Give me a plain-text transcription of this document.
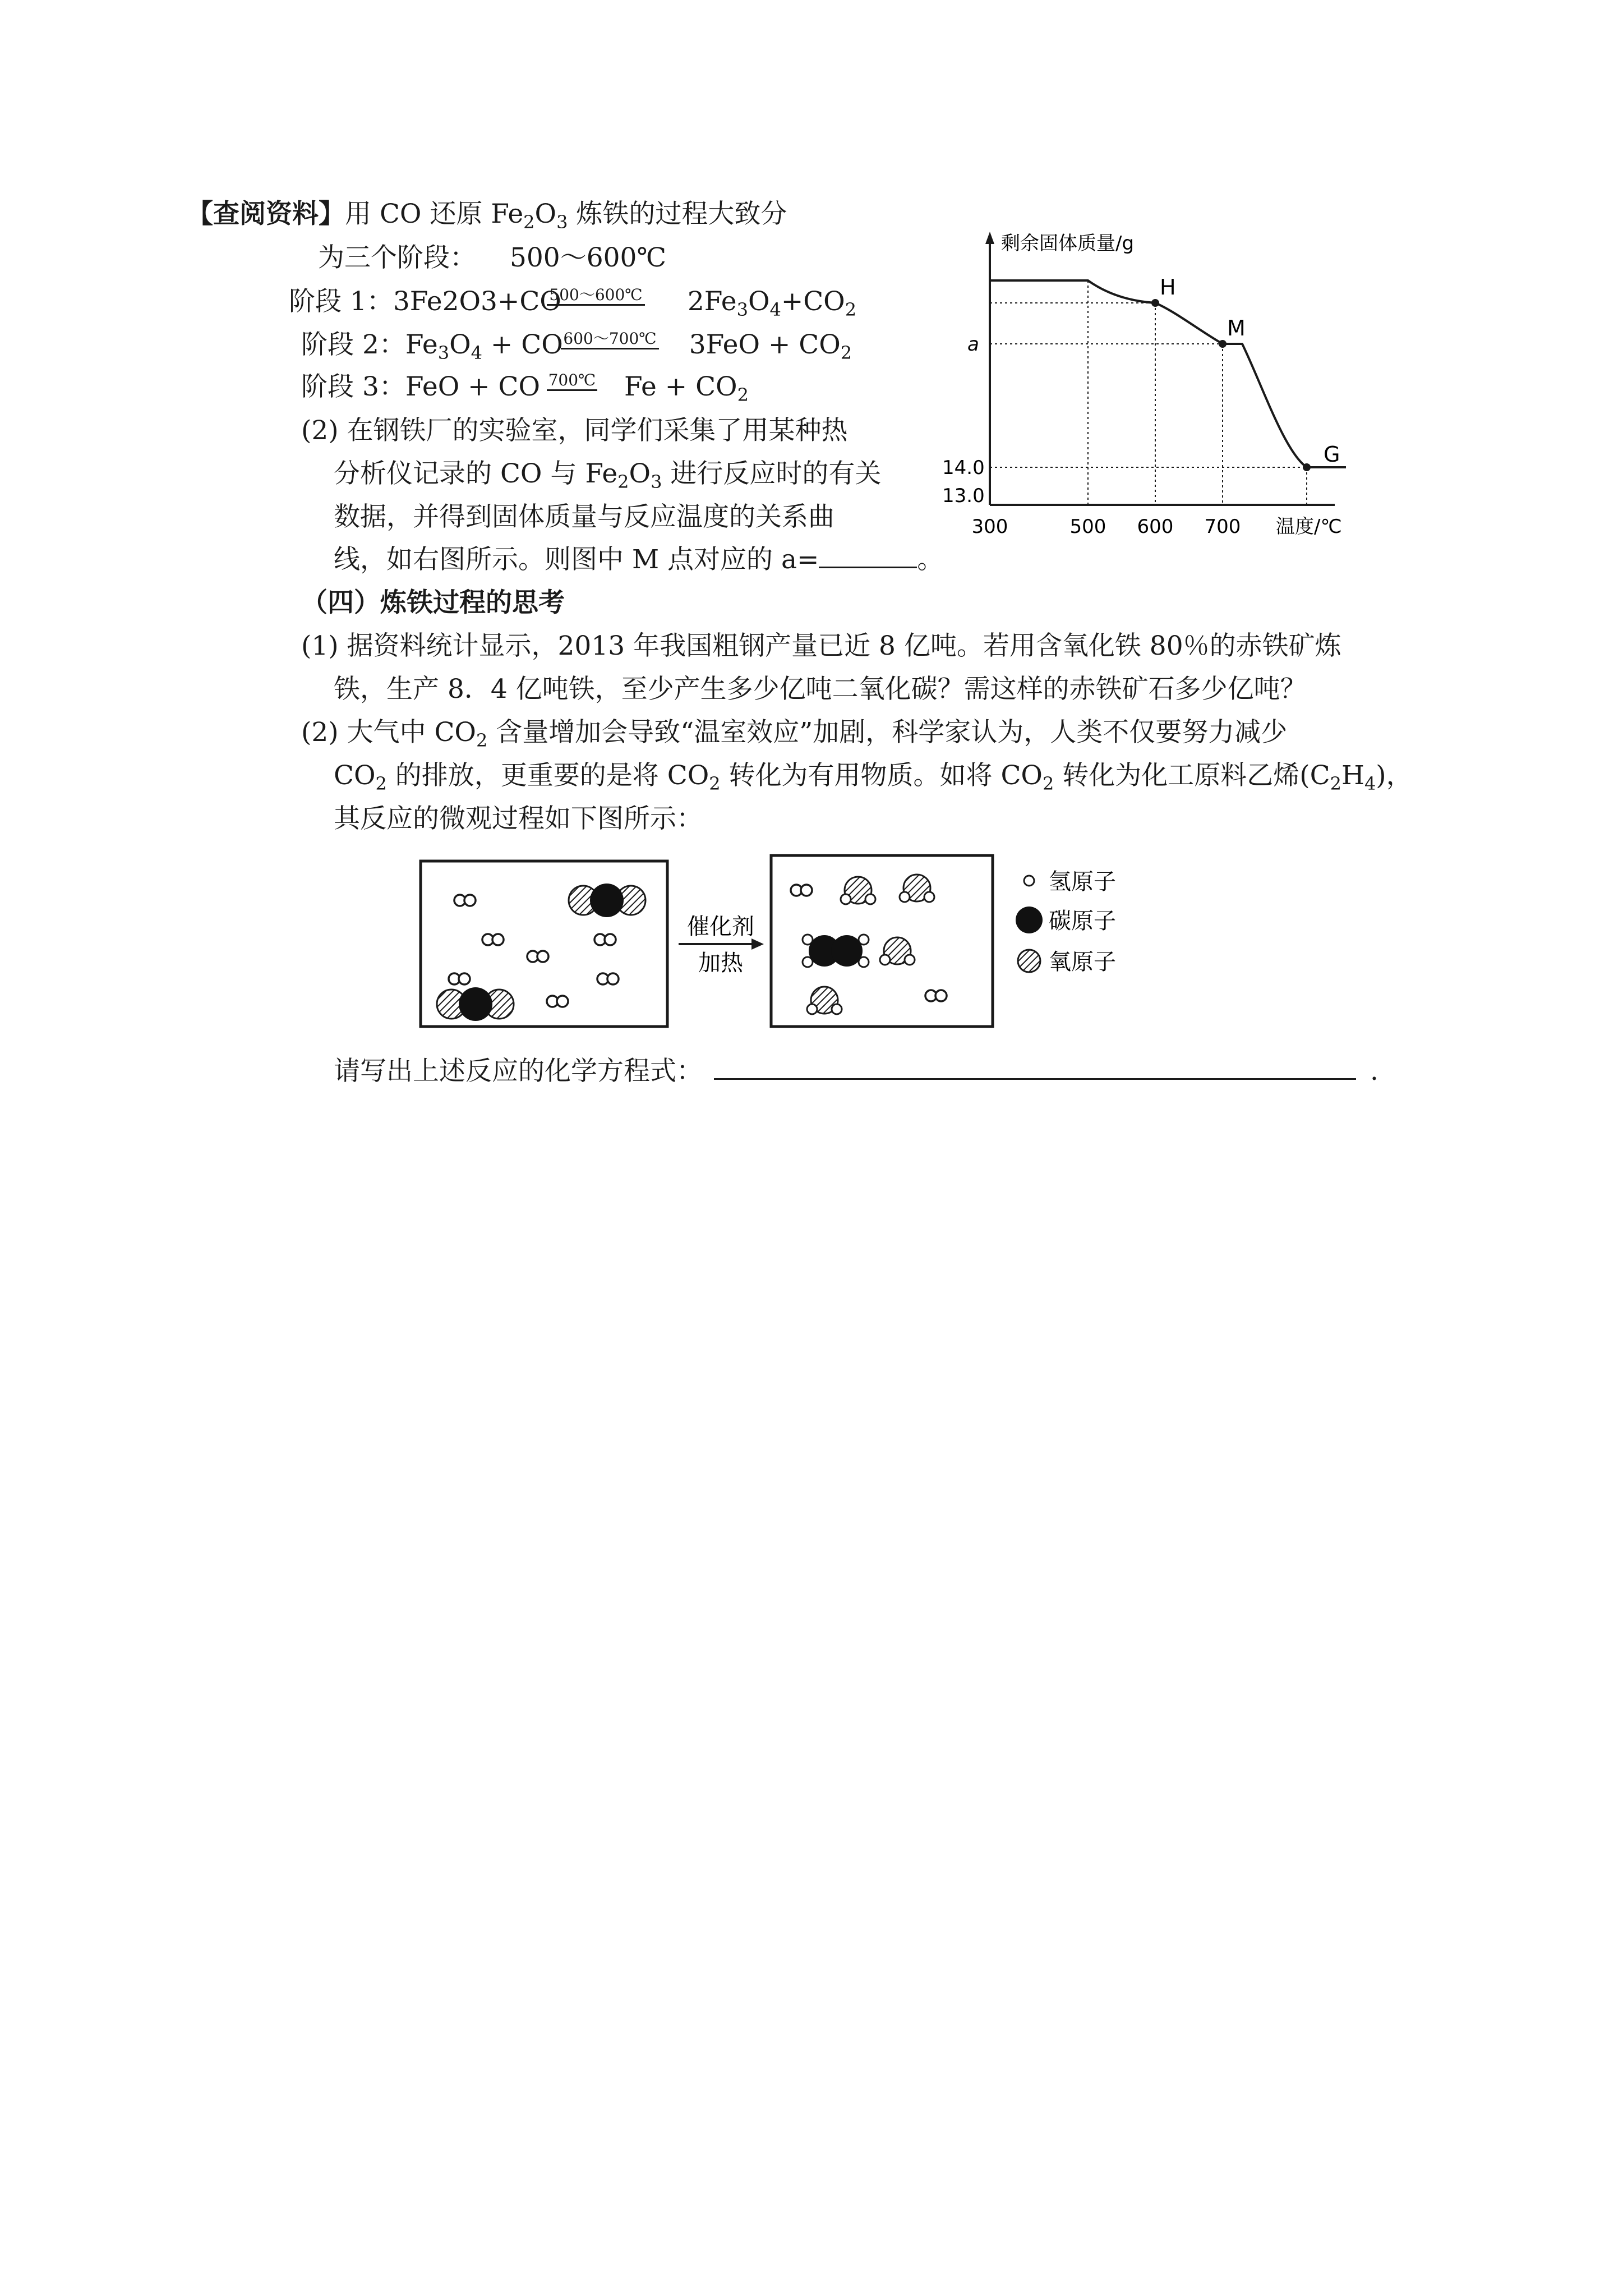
【查阅资料】用 CO 还原 $Fe_2O_3$ 炼铁的过程大致分
为三个阶段： 500～600℃
阶段 1：3Fe2O3+CO	$2Fe_3O_4+CO_2$
500～600℃
阶段 2：$Fe_3O_4$ + CO	$3FeO + CO_2$
600～700℃
阶段 3：FeO + CO	$Fe + CO_2$
700℃
(2) 在钢铁厂的实验室，同学们采集了用某种热
分析仪记录的 CO 与 $Fe_2O_3$ 进行反应时的有关
数据，并得到固体质量与反应温度的关系曲
线，如右图所示。则图中 M 点对应的 a=	。
剩余固体质量/g
温度/℃
H
M
G
a
14.0
13.0
300	500 600 700
（四）炼铁过程的思考
(1) 据资料统计显示，2013 年我国粗钢产量已近 8 亿吨。若用含氧化铁 80％的赤铁矿炼
铁，生产 8．4 亿吨铁，至少产生多少亿吨二氧化碳？需这样的赤铁矿石多少亿吨？
(2) 大气中 $CO_2$ 含量增加会导致“温室效应”加剧，科学家认为，人类不仅要努力减少
$CO_2$ 的排放，更重要的是将 $CO_2$ 转化为有用物质。如将 $CO_2$ 转化为化工原料乙烯$(C_2H_4)$，
其反应的微观过程如下图所示：
催化剂
加热
氢原子
碳原子
氧原子
请写出上述反应的化学方程式：	.
